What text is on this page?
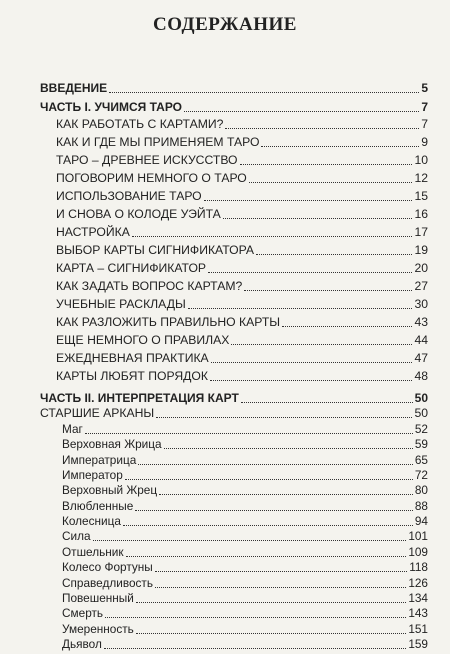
СОДЕРЖАНИЕ
ВВЕДЕНИЕ	5
ЧАСТЬ I. УЧИМСЯ ТАРО	7
КАК РАБОТАТЬ С КАРТАМИ?	7
КАК И ГДЕ МЫ ПРИМЕНЯЕМ ТАРО	9
ТАРО – ДРЕВНЕЕ ИСКУССТВО	10
ПОГОВОРИМ НЕМНОГО О ТАРО	12
ИСПОЛЬЗОВАНИЕ ТАРО	15
И СНОВА О КОЛОДЕ УЭЙТА	16
НАСТРОЙКА	17
ВЫБОР КАРТЫ СИГНИФИКАТОРА	19
КАРТА – СИГНИФИКАТОР	20
КАК ЗАДАТЬ ВОПРОС КАРТАМ?	27
УЧЕБНЫЕ РАСКЛАДЫ	30
КАК РАЗЛОЖИТЬ ПРАВИЛЬНО КАРТЫ	43
ЕЩЕ НЕМНОГО О ПРАВИЛАХ	44
ЕЖЕДНЕВНАЯ ПРАКТИКА	47
КАРТЫ ЛЮБЯТ ПОРЯДОК	48
ЧАСТЬ II. ИНТЕРПРЕТАЦИЯ КАРТ	50
СТАРШИЕ АРКАНЫ	50
Маг	52
Верховная Жрица	59
Императрица	65
Император	72
Верховный Жрец	80
Влюбленные	88
Колесница	94
Сила	101
Отшельник	109
Колесо Фортуны	118
Справедливость	126
Повешенный	134
Смерть	143
Умеренность	151
Дьявол	159
